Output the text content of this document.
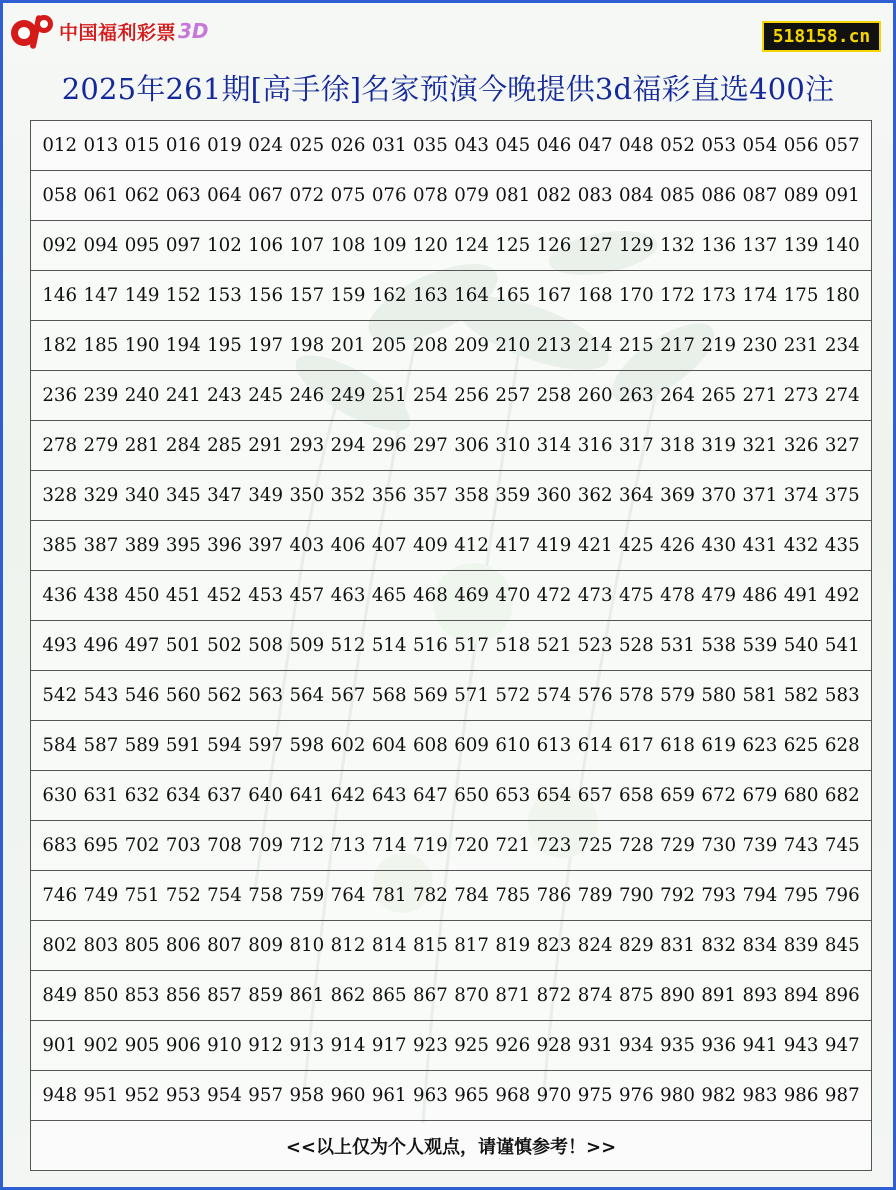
中国福利彩票 3D	518158.cn
2025年261期[高手徐]名家预演今晚提供3d福彩直选400注
012 013 015 016 019 024 025 026 031 035 043 045 046 047 048 052 053 054 056 057
058 061 062 063 064 067 072 075 076 078 079 081 082 083 084 085 086 087 089 091
092 094 095 097 102 106 107 108 109 120 124 125 126 127 129 132 136 137 139 140
146 147 149 152 153 156 157 159 162 163 164 165 167 168 170 172 173 174 175 180
182 185 190 194 195 197 198 201 205 208 209 210 213 214 215 217 219 230 231 234
236 239 240 241 243 245 246 249 251 254 256 257 258 260 263 264 265 271 273 274
278 279 281 284 285 291 293 294 296 297 306 310 314 316 317 318 319 321 326 327
328 329 340 345 347 349 350 352 356 357 358 359 360 362 364 369 370 371 374 375
385 387 389 395 396 397 403 406 407 409 412 417 419 421 425 426 430 431 432 435
436 438 450 451 452 453 457 463 465 468 469 470 472 473 475 478 479 486 491 492
493 496 497 501 502 508 509 512 514 516 517 518 521 523 528 531 538 539 540 541
542 543 546 560 562 563 564 567 568 569 571 572 574 576 578 579 580 581 582 583
584 587 589 591 594 597 598 602 604 608 609 610 613 614 617 618 619 623 625 628
630 631 632 634 637 640 641 642 643 647 650 653 654 657 658 659 672 679 680 682
683 695 702 703 708 709 712 713 714 719 720 721 723 725 728 729 730 739 743 745
746 749 751 752 754 758 759 764 781 782 784 785 786 789 790 792 793 794 795 796
802 803 805 806 807 809 810 812 814 815 817 819 823 824 829 831 832 834 839 845
849 850 853 856 857 859 861 862 865 867 870 871 872 874 875 890 891 893 894 896
901 902 905 906 910 912 913 914 917 923 925 926 928 931 934 935 936 941 943 947
948 951 952 953 954 957 958 960 961 963 965 968 970 975 976 980 982 983 986 987
<<以上仅为个人观点，请谨慎参考！>>
